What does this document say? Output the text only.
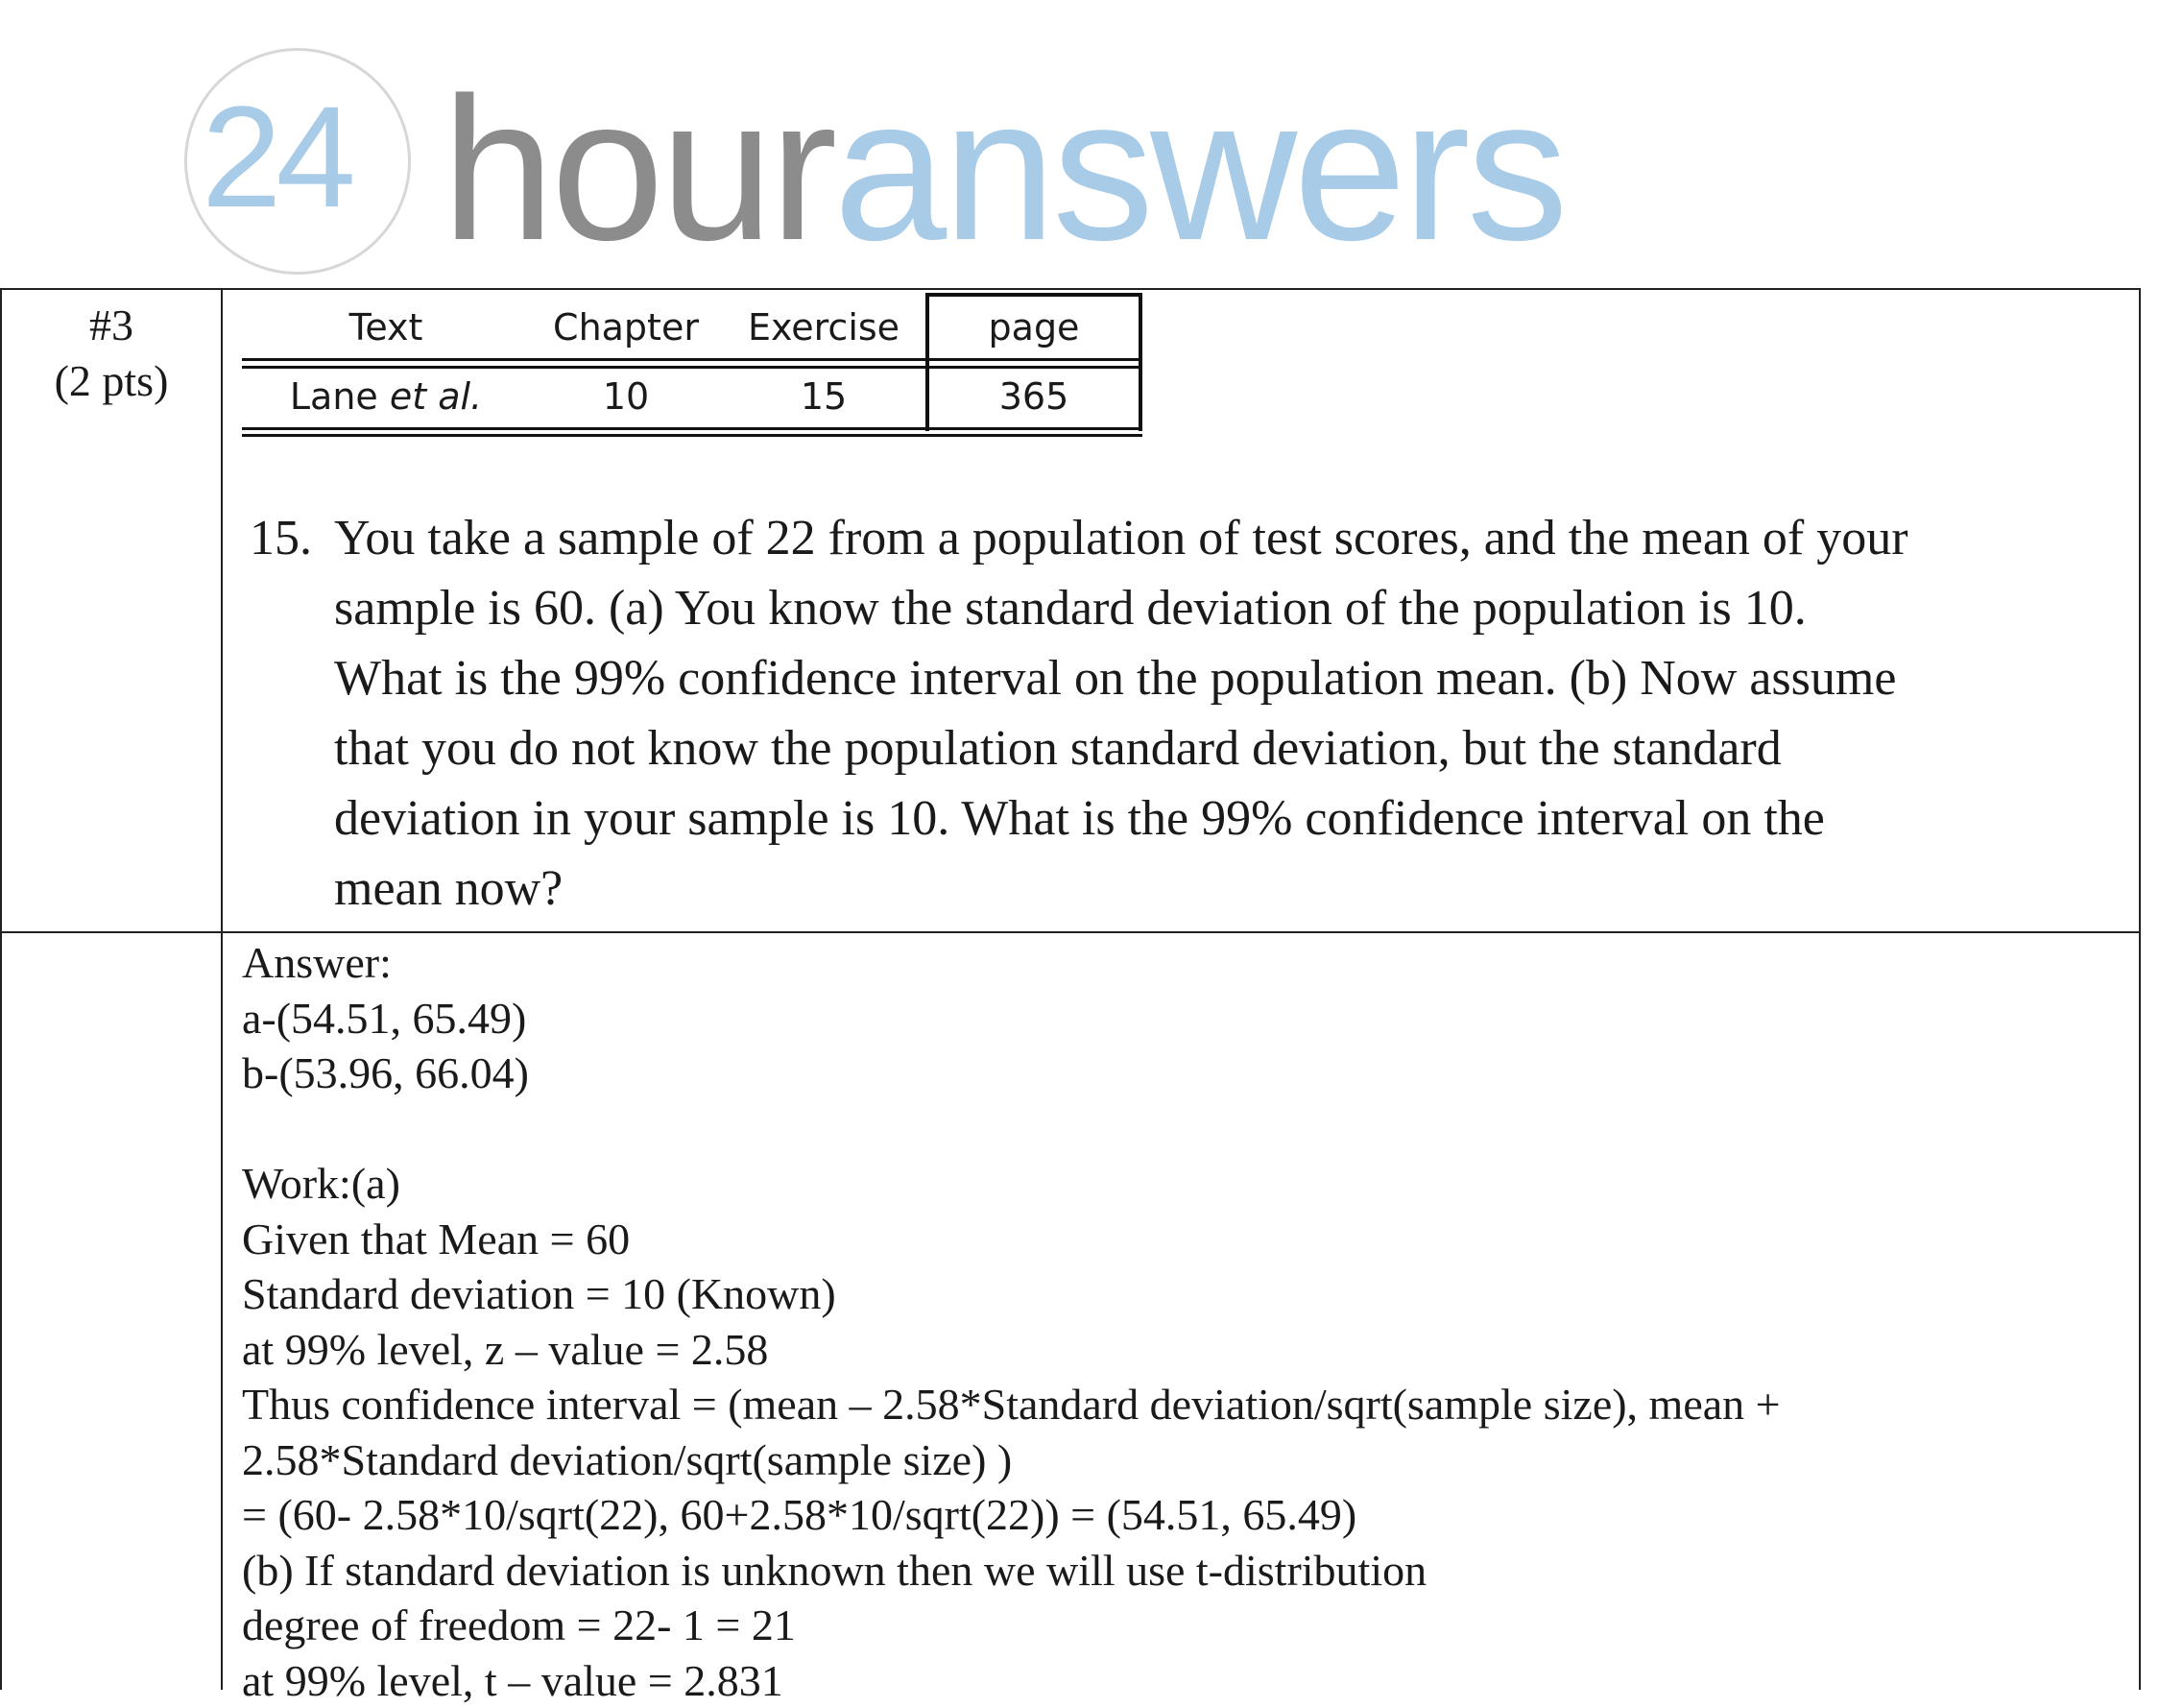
24 houranswers
#3
(2 pts)
Text	Chapter	Exercise	page
Lane et al.	10	15	365
15. You take a sample of 22 from a population of test scores, and the mean of your
sample is 60. (a) You know the standard deviation of the population is 10.
What is the 99% confidence interval on the population mean. (b) Now assume
that you do not know the population standard deviation, but the standard
deviation in your sample is 10. What is the 99% confidence interval on the
mean now?
Answer:
a-(54.51, 65.49)
b-(53.96, 66.04)
Work:(a)
Given that Mean = 60
Standard deviation = 10 (Known)
at 99% level, z – value = 2.58
Thus confidence interval = (mean – 2.58*Standard deviation/sqrt(sample size), mean +
2.58*Standard deviation/sqrt(sample size) )
= (60- 2.58*10/sqrt(22), 60+2.58*10/sqrt(22)) = (54.51, 65.49)
(b) If standard deviation is unknown then we will use t-distribution
degree of freedom = 22- 1 = 21
at 99% level, t – value = 2.831
